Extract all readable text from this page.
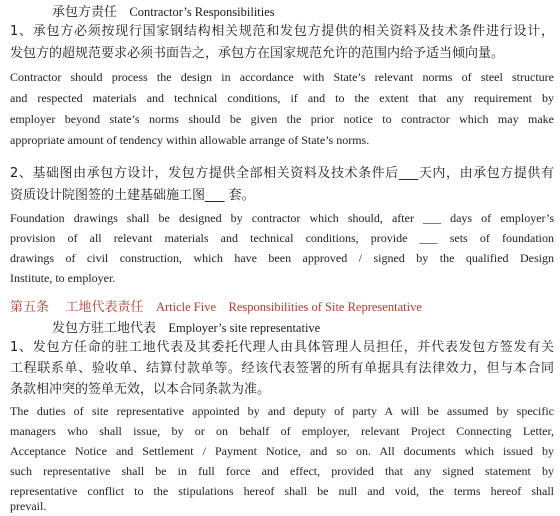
承包方责任 Contractor’s Responsibilities
1、承包方必须按现行国家钢结构相关规范和发包方提供的相关资料及技术条件进行设计，
发包方的超规范要求必须书面告之，承包方在国家规范允许的范围内给予适当倾向量。
Contractor should process the design in accordance with State’s relevant norms of steel structure
and respected materials and technical conditions, if and to the extent that any requirement by
employer beyond state’s norms should be given the prior notice to contractor which may make
appropriate amount of tendency within allowable arrange of State’s norms.
2、基础图由承包方设计，发包方提供全部相关资料及技术条件后___天内，由承包方提供有
资质设计院图签的土建基础施工图___ 套。
Foundation drawings shall be designed by contractor which should, after ___ days of employer’s
provision of all relevant materials and technical conditions, provide ___ sets of foundation
drawings of civil construction, which have been approved / signed by the qualified Design
Institute, to employer.
第五条    工地代表责任 Article Five    Responsibilities of Site Representative
发包方驻工地代表 Employer’s site representative
1、发包方任命的驻工地代表及其委托代理人由具体管理人员担任，并代表发包方签发有关
工程联系单、验收单、结算付款单等。经该代表签署的所有单据具有法律效力，但与本合同
条款相冲突的签单无效，以本合同条款为准。
The duties of site representative appointed by and deputy of party A will be assumed by specific
managers who shall issue, by or on behalf of employer, relevant Project Connecting Letter,
Acceptance Notice and Settlement / Payment Notice, and so on. All documents which issued by
such representative shall be in full force and effect, provided that any signed statement by
representative conflict to the stipulations hereof shall be null and void, the terms hereof shall
prevail.
